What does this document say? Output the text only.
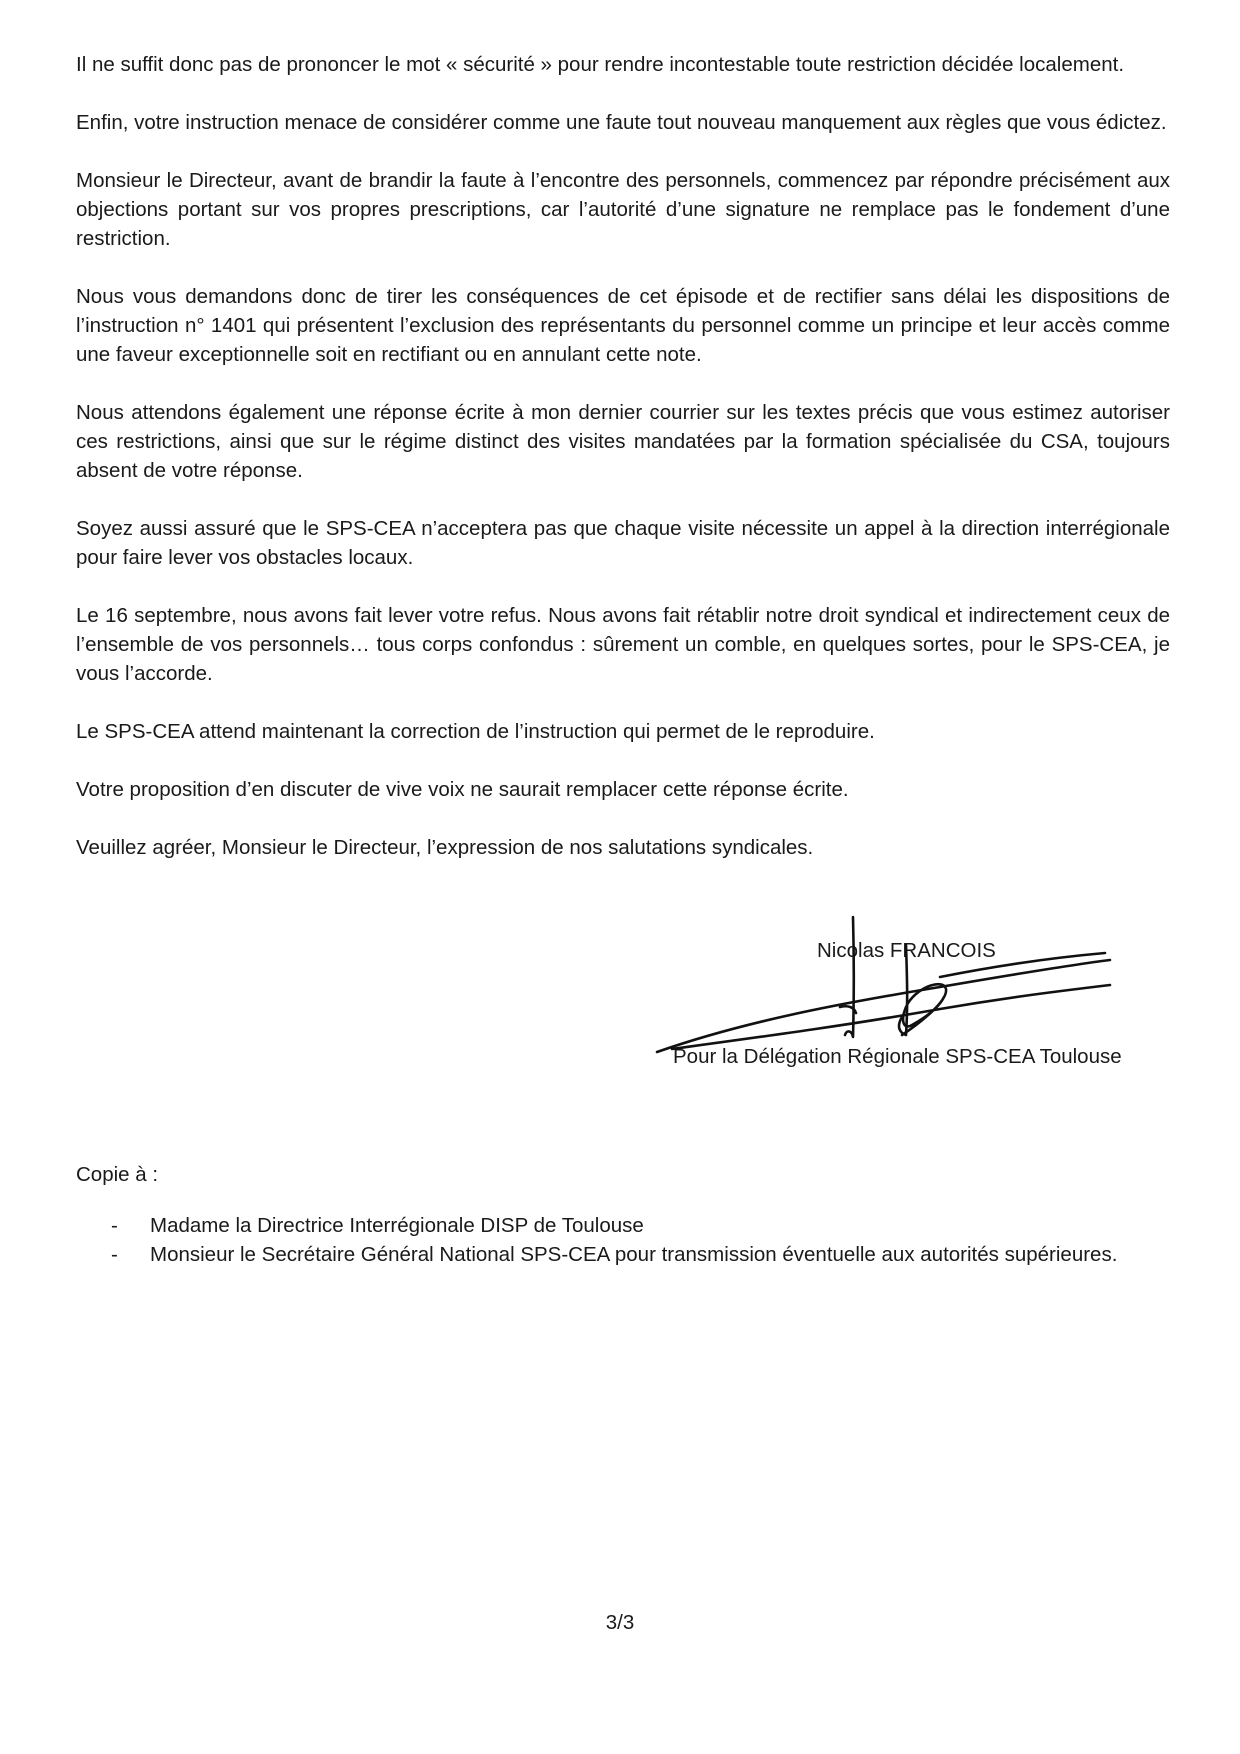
Il ne suffit donc pas de prononcer le mot « sécurité » pour rendre incontestable toute restriction décidée localement.

Enfin, votre instruction menace de considérer comme une faute tout nouveau manquement aux règles que vous édictez.

Monsieur le Directeur, avant de brandir la faute à l’encontre des personnels, commencez par répondre précisément aux objections portant sur vos propres prescriptions, car l’autorité d’une signature ne remplace pas le fondement d’une restriction.

Nous vous demandons donc de tirer les conséquences de cet épisode et de rectifier sans délai les dispositions de l’instruction n° 1401 qui présentent l’exclusion des représentants du personnel comme un principe et leur accès comme une faveur exceptionnelle soit en rectifiant ou en annulant cette note.

Nous attendons également une réponse écrite à mon dernier courrier sur les textes précis que vous estimez autoriser ces restrictions, ainsi que sur le régime distinct des visites mandatées par la formation spécialisée du CSA, toujours absent de votre réponse.

Soyez aussi assuré que le SPS-CEA n’acceptera pas que chaque visite nécessite un appel à la direction interrégionale pour faire lever vos obstacles locaux.

Le 16 septembre, nous avons fait lever votre refus. Nous avons fait rétablir notre droit syndical et indirectement ceux de l’ensemble de vos personnels… tous corps confondus : sûrement un comble, en quelques sortes, pour le SPS-CEA, je vous l’accorde.

Le SPS-CEA attend maintenant la correction de l’instruction qui permet de le reproduire.

Votre proposition d’en discuter de vive voix ne saurait remplacer cette réponse écrite.

Veuillez agréer, Monsieur le Directeur, l’expression de nos salutations syndicales.

Nicolas FRANCOIS
Pour la Délégation Régionale SPS-CEA Toulouse
Copie à :
- Madame la Directrice Interrégionale DISP de Toulouse
- Monsieur le Secrétaire Général National SPS-CEA pour transmission éventuelle aux autorités supérieures.
3/3
